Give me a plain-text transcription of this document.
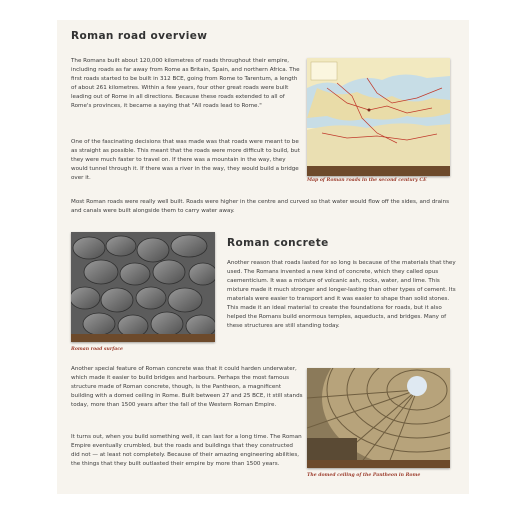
Roman road overview

The Romans built about 120,000 kilometres of roads throughout their empire, including roads as far away from Rome as Britain, Spain, and northern Africa. The first roads started to be built in 312 BCE, going from Rome to Tarentum, a length of about 261 kilometres. Within a few years, four other great roads were built leading out of Rome in all directions. Because these roads extended to all of Rome's provinces, it became a saying that "All roads lead to Rome."

One of the fascinating decisions that was made was that roads were meant to be as straight as possible. This meant that the roads were more difficult to build, but they were much faster to travel on. If there was a mountain in the way, they would tunnel through it. If there was a river in the way, they would build a bridge over it.	Map of Roman roads in the second century CE

Most Roman roads were really well built. Roads were higher in the centre and curved so that water would flow off the sides, and drains and canals were built alongside them to carry water away.

Roman road surface
Roman concrete

Another reason that roads lasted for so long is because of the materials that they used. The Romans invented a new kind of concrete, which they called opus caementicium. It was a mixture of volcanic ash, rocks, water, and lime. This mixture made it much stronger and longer-lasting than other types of cement. Its materials were easier to transport and it was easier to shape than solid stones. This made it an ideal material to create the foundations for roads, but it also helped the Romans build enormous temples, aqueducts, and bridges. Many of these structures are still standing today.

Another special feature of Roman concrete was that it could harden underwater, which made it easier to build bridges and harbours. Perhaps the most famous structure made of Roman concrete, though, is the Pantheon, a magnificent building with a domed ceiling in Rome. Built between 27 and 25 BCE, it still stands today, more than 1500 years after the fall of the Western Roman Empire.

It turns out, when you build something well, it can last for a long time. The Roman Empire eventually crumbled, but the roads and buildings that they constructed did not — at least not completely. Because of their amazing engineering abilities, the things that they built outlasted their empire by more than 1500 years.

The domed ceiling of the Pantheon in Rome
